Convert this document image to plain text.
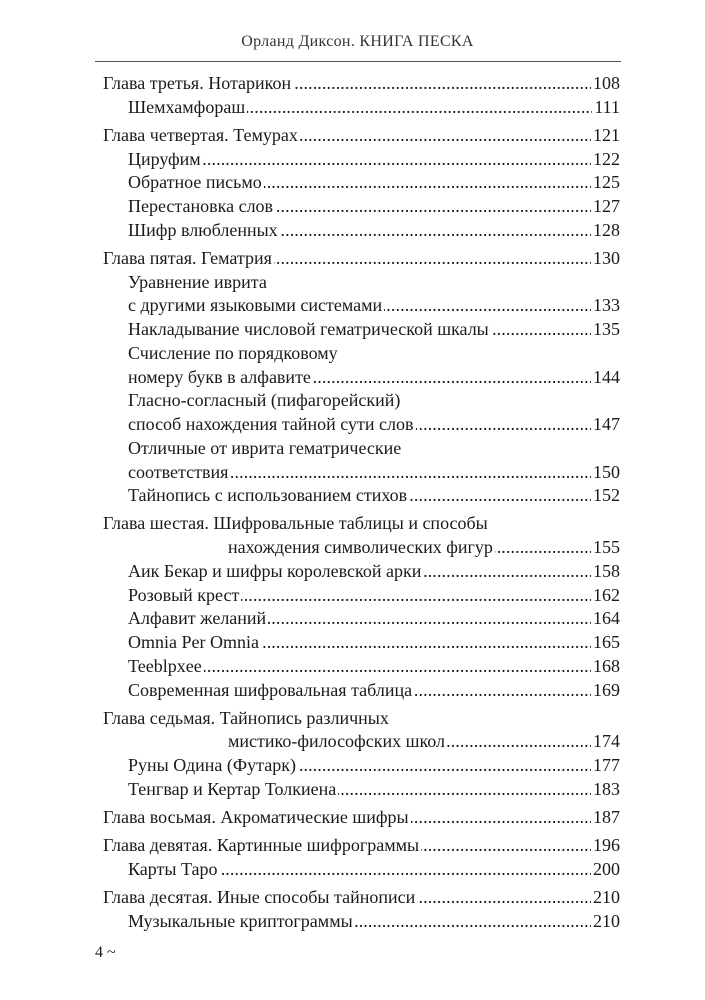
Орланд Диксон. КНИГА ПЕСКА
Глава третья. Нотарикон . . .	108
Шемхамфораш . . .	111
Глава четвертая. Темурах . . .	121
Цируфим . . .	122
Обратное письмо . . .	125
Перестановка слов . . .	127
Шифр влюбленных . . .	128
Глава пятая. Гематрия . . .	130
Уравнение иврита
с другими языковыми системами . . .	133
Накладывание числовой гематрической шкалы . . .	135
Счисление по порядковому
номеру букв в алфавите . . .	144
Гласно-согласный (пифагорейский)
способ нахождения тайной сути слов . . .	147
Отличные от иврита гематрические
соответствия . . .	150
Тайнопись с использованием стихов . . .	152
Глава шестая. Шифровальные таблицы и способы
нахождения символических фигур . . .	155
Аик Бекар и шифры королевской арки . . .	158
Розовый крест . . .	162
Алфавит желаний . . .	164
Omnia Per Omnia . . .	165
Teeblpxee . . .	168
Современная шифровальная таблица . . .	169
Глава седьмая. Тайнопись различных
мистико-философских школ . . .	174
Руны Одина (Футарк) . . .	177
Тенгвар и Кертар Толкиена . . .	183
Глава восьмая. Акроматические шифры . . .	187
Глава девятая. Картинные шифрограммы . . .	196
Карты Таро . . .	200
Глава десятая. Иные способы тайнописи . . .	210
Музыкальные криптограммы . . .	210
4 ~
